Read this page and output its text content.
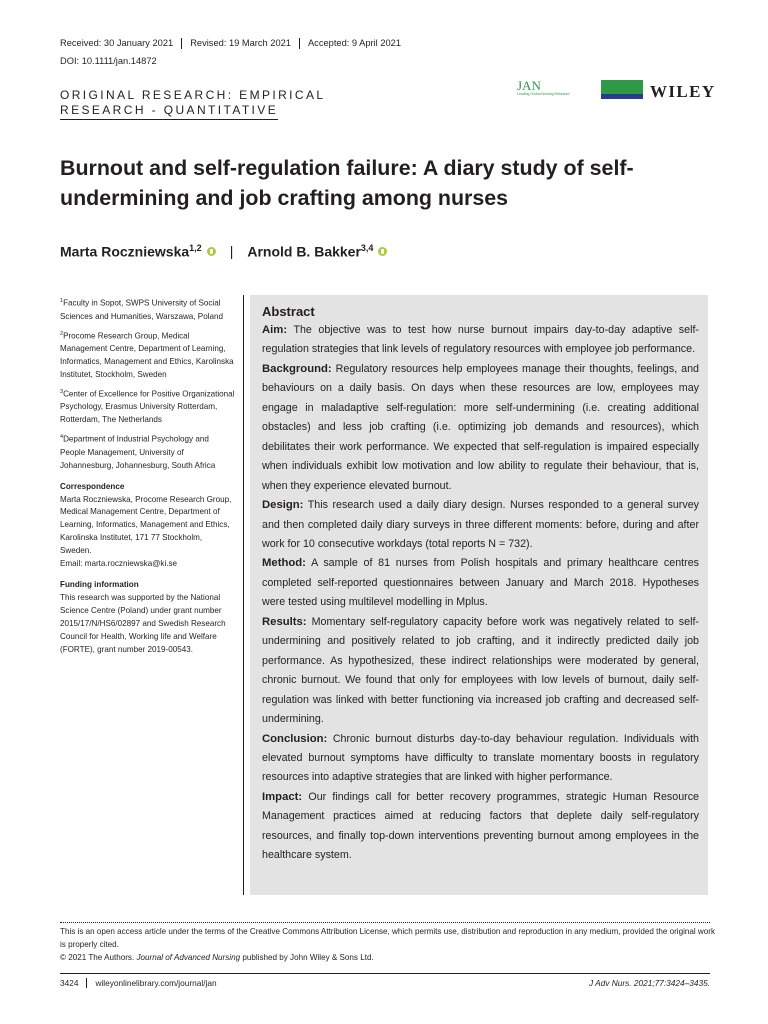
Received: 30 January 2021	Revised: 19 March 2021	Accepted: 9 April 2021
DOI: 10.1111/jan.14872
ORIGINAL RESEARCH: EMPIRICAL
RESEARCH - QUANTITATIVE
JAN
Leading Global Nursing Research	WILEY
Burnout and self-regulation failure: A diary study of self-undermining and job crafting among nurses
Marta Roczniewska$^{1,2}$ | Arnold B. Bakker$^{3,4}$
$^1$Faculty in Sopot, SWPS University of Social Sciences and Humanities, Warszawa, Poland
$^2$Procome Research Group, Medical Management Centre, Department of Learning, Informatics, Management and Ethics, Karolinska Institutet, Stockholm, Sweden
$^3$Center of Excellence for Positive Organizational Psychology, Erasmus University Rotterdam, Rotterdam, The Netherlands
$^4$Department of Industrial Psychology and People Management, University of Johannesburg, Johannesburg, South Africa
Correspondence
Marta Roczniewska, Procome Research Group, Medical Management Centre, Department of Learning, Informatics, Management and Ethics, Karolinska Institutet, 171 77 Stockholm, Sweden.
Email: marta.roczniewska@ki.se
Funding information
This research was supported by the National Science Centre (Poland) under grant number 2015/17/N/HS6/02897 and Swedish Research Council for Health, Working life and Welfare (FORTE), grant number 2019-00543.
Abstract

Aim: The objective was to test how nurse burnout impairs day-to-day adaptive self-regulation strategies that link levels of regulatory resources with employee job performance.

Background: Regulatory resources help employees manage their thoughts, feelings, and behaviours on a daily basis. On days when these resources are low, employees may engage in maladaptive self-regulation: more self-undermining (i.e. creating additional obstacles) and less job crafting (i.e. optimizing job demands and resources), which debilitates their work performance. We expected that self-regulation is impaired especially when individuals exhibit low motivation and low ability to regulate their behaviour, that is, when they experience elevated burnout.

Design: This research used a daily diary design. Nurses responded to a general survey and then completed daily diary surveys in three different moments: before, during and after work for 10 consecutive workdays (total reports N = 732).

Method: A sample of 81 nurses from Polish hospitals and primary healthcare centres completed self-reported questionnaires between January and March 2018. Hypotheses were tested using multilevel modelling in Mplus.

Results: Momentary self-regulatory capacity before work was negatively related to self-undermining and positively related to job crafting, and it indirectly predicted daily job performance. As hypothesized, these indirect relationships were moderated by general, chronic burnout. We found that only for employees with low levels of burnout, daily self-regulation was linked with better functioning via increased job crafting and decreased self-undermining.

Conclusion: Chronic burnout disturbs day-to-day behaviour regulation. Individuals with elevated burnout symptoms have difficulty to translate momentary boosts in regulatory resources into adaptive strategies that are linked with higher performance.

Impact: Our findings call for better recovery programmes, strategic Human Resource Management practices aimed at reducing factors that deplete daily self-regulatory resources, and finally top-down interventions preventing burnout among employees in the healthcare system.

This is an open access article under the terms of the Creative Commons Attribution License, which permits use, distribution and reproduction in any medium, provided the original work is properly cited.
© 2021 The Authors. Journal of Advanced Nursing published by John Wiley & Sons Ltd.
3424	wileyonlinelibrary.com/journal/jan	J Adv Nurs. 2021;77:3424–3435.
